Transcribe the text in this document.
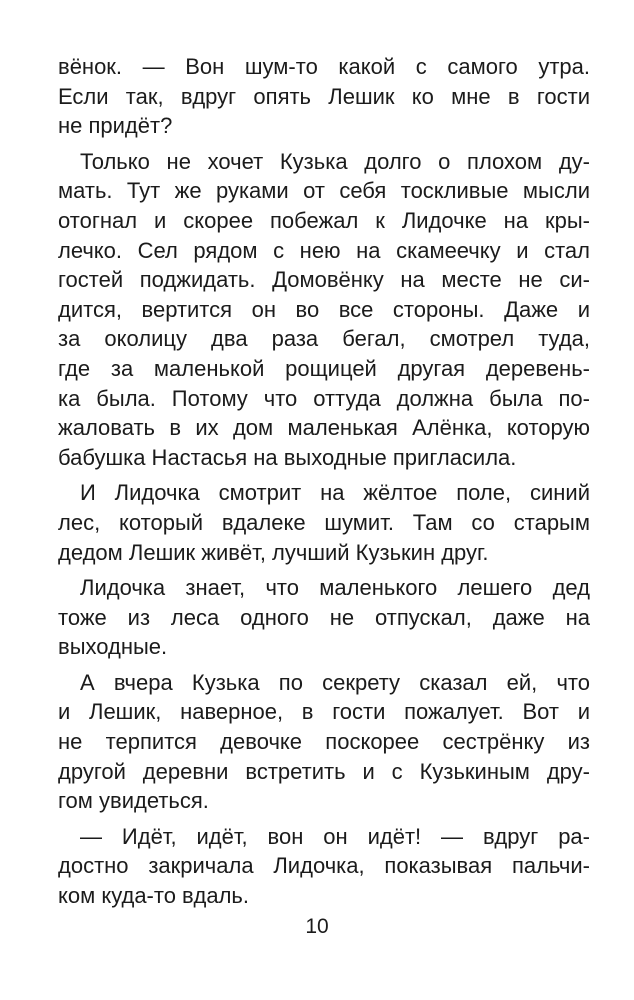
вёнок. — Вон шум-то какой с самого утра.
Если так, вдруг опять Лешик ко мне в гости
не придёт?
Только не хочет Кузька долго о плохом ду-
мать. Тут же руками от себя тоскливые мысли
отогнал и скорее побежал к Лидочке на кры-
лечко. Сел рядом с нею на скамеечку и стал
гостей поджидать. Домовёнку на месте не си-
дится, вертится он во все стороны. Даже и
за околицу два раза бегал, смотрел туда,
где за маленькой рощицей другая деревень-
ка была. Потому что оттуда должна была по-
жаловать в их дом маленькая Алёнка, которую
бабушка Настасья на выходные пригласила.
И Лидочка смотрит на жёлтое поле, синий
лес, который вдалеке шумит. Там со старым
дедом Лешик живёт, лучший Кузькин друг.
Лидочка знает, что маленького лешего дед
тоже из леса одного не отпускал, даже на
выходные.
А вчера Кузька по секрету сказал ей, что
и Лешик, наверное, в гости пожалует. Вот и
не терпится девочке поскорее сестрёнку из
другой деревни встретить и с Кузькиным дру-
гом увидеться.
— Идёт, идёт, вон он идёт! — вдруг ра-
достно закричала Лидочка, показывая пальчи-
ком куда-то вдаль.
10
